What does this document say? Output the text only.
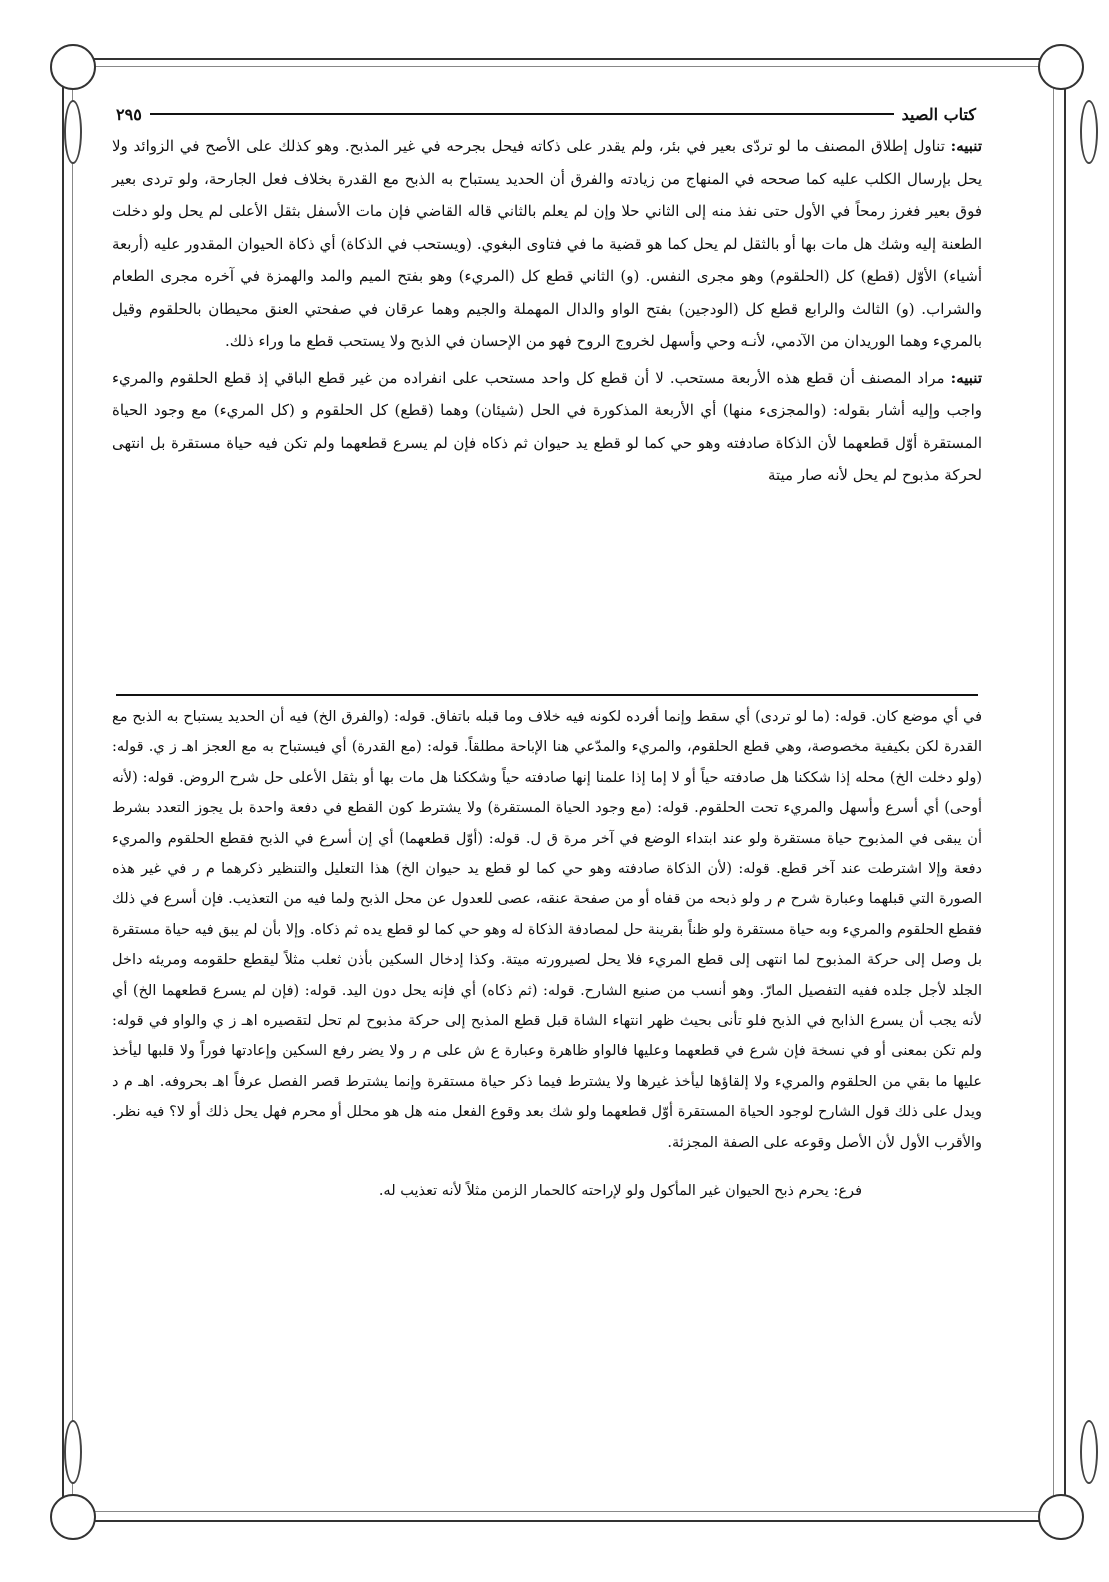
كتاب الصيد
٢٩٥

تنبيه: تناول إطلاق المصنف ما لو تردّى بعير في بئر، ولم يقدر على ذكاته فيحل بجرحه في غير المذبح. وهو كذلك على الأصح في الزوائد ولا يحل بإرسال الكلب عليه كما صححه في المنهاج من زيادته والفرق أن الحديد يستباح به الذبح مع القدرة بخلاف فعل الجارحة، ولو تردى بعير فوق بعير فغرز رمحاً في الأول حتى نفذ منه إلى الثاني حلا وإن لم يعلم بالثاني قاله القاضي فإن مات الأسفل بثقل الأعلى لم يحل ولو دخلت الطعنة إليه وشك هل مات بها أو بالثقل لم يحل كما هو قضية ما في فتاوى البغوي. (ويستحب في الذكاة) أي ذكاة الحيوان المقدور عليه (أربعة أشياء) الأوّل (قطع) كل (الحلقوم) وهو مجرى النفس. (و) الثاني قطع كل (المريء) وهو بفتح الميم والمد والهمزة في آخره مجرى الطعام والشراب. (و) الثالث والرابع قطع كل (الودجين) بفتح الواو والدال المهملة والجيم وهما عرقان في صفحتي العنق محيطان بالحلقوم وقيل بالمريء وهما الوريدان من الآدمي، لأنـه وحي وأسهل لخروج الروح فهو من الإحسان في الذبح ولا يستحب قطع ما وراء ذلك.

تنبيه: مراد المصنف أن قطع هذه الأربعة مستحب. لا أن قطع كل واحد مستحب على انفراده من غير قطع الباقي إذ قطع الحلقوم والمريء واجب وإليه أشار بقوله: (والمجزىء منها) أي الأربعة المذكورة في الحل (شيئان) وهما (قطع) كل الحلقوم و (كل المريء) مع وجود الحياة المستقرة أوّل قطعهما لأن الذكاة صادفته وهو حي كما لو قطع يد حيوان ثم ذكاه فإن لم يسرع قطعهما ولم تكن فيه حياة مستقرة بل انتهى لحركة مذبوح لم يحل لأنه صار ميتة

في أي موضع كان. قوله: (ما لو تردى) أي سقط وإنما أفرده لكونه فيه خلاف وما قبله باتفاق. قوله: (والفرق الخ) فيه أن الحديد يستباح به الذبح مع القدرة لكن بكيفية مخصوصة، وهي قطع الحلقوم، والمريء والمدّعي هنا الإباحة مطلقاً. قوله: (مع القدرة) أي فيستباح به مع العجز اهـ ز ي. قوله: (ولو دخلت الخ) محله إذا شككنا هل صادفته حياً أو لا إما إذا علمنا إنها صادفته حياً وشككنا هل مات بها أو بثقل الأعلى حل شرح الروض. قوله: (لأنه أوحى) أي أسرع وأسهل والمريء تحت الحلقوم. قوله: (مع وجود الحياة المستقرة) ولا يشترط كون القطع في دفعة واحدة بل يجوز التعدد بشرط أن يبقى في المذبوح حياة مستقرة ولو عند ابتداء الوضع في آخر مرة ق ل. قوله: (أوّل قطعهما) أي إن أسرع في الذبح فقطع الحلقوم والمريء دفعة وإلا اشترطت عند آخر قطع. قوله: (لأن الذكاة صادفته وهو حي كما لو قطع يد حيوان الخ) هذا التعليل والتنظير ذكرهما م ر في غير هذه الصورة التي قبلهما وعبارة شرح م ر ولو ذبحه من قفاه أو من صفحة عنقه، عصى للعدول عن محل الذبح ولما فيه من التعذيب. فإن أسرع في ذلك فقطع الحلقوم والمريء وبه حياة مستقرة ولو ظناً بقرينة حل لمصادفة الذكاة له وهو حي كما لو قطع يده ثم ذكاه. وإلا بأن لم يبق فيه حياة مستقرة بل وصل إلى حركة المذبوح لما انتهى إلى قطع المريء فلا يحل لصيرورته ميتة. وكذا إدخال السكين بأذن ثعلب مثلاً ليقطع حلقومه ومريئه داخل الجلد لأجل جلده ففيه التفصيل المارّ. وهو أنسب من صنيع الشارح. قوله: (ثم ذكاه) أي فإنه يحل دون اليد. قوله: (فإن لم يسرع قطعهما الخ) أي لأنه يجب أن يسرع الذابح في الذبح فلو تأنى بحيث ظهر انتهاء الشاة قبل قطع المذبح إلى حركة مذبوح لم تحل لتقصيره اهـ ز ي والواو في قوله: ولم تكن بمعنى أو في نسخة فإن شرع في قطعهما وعليها فالواو ظاهرة وعبارة ع ش على م ر ولا يضر رفع السكين وإعادتها فوراً ولا قلبها ليأخذ عليها ما بقي من الحلقوم والمريء ولا إلقاؤها ليأخذ غيرها ولا يشترط فيما ذكر حياة مستقرة وإنما يشترط قصر الفصل عرفاً اهـ بحروفه. اهـ م د ويدل على ذلك قول الشارح لوجود الحياة المستقرة أوّل قطعهما ولو شك بعد وقوع الفعل منه هل هو محلل أو محرم فهل يحل ذلك أو لا؟ فيه نظر. والأقرب الأول لأن الأصل وقوعه على الصفة المجزئة.

فرع: يحرم ذبح الحيوان غير المأكول ولو لإراحته كالحمار الزمن مثلاً لأنه تعذيب له.
